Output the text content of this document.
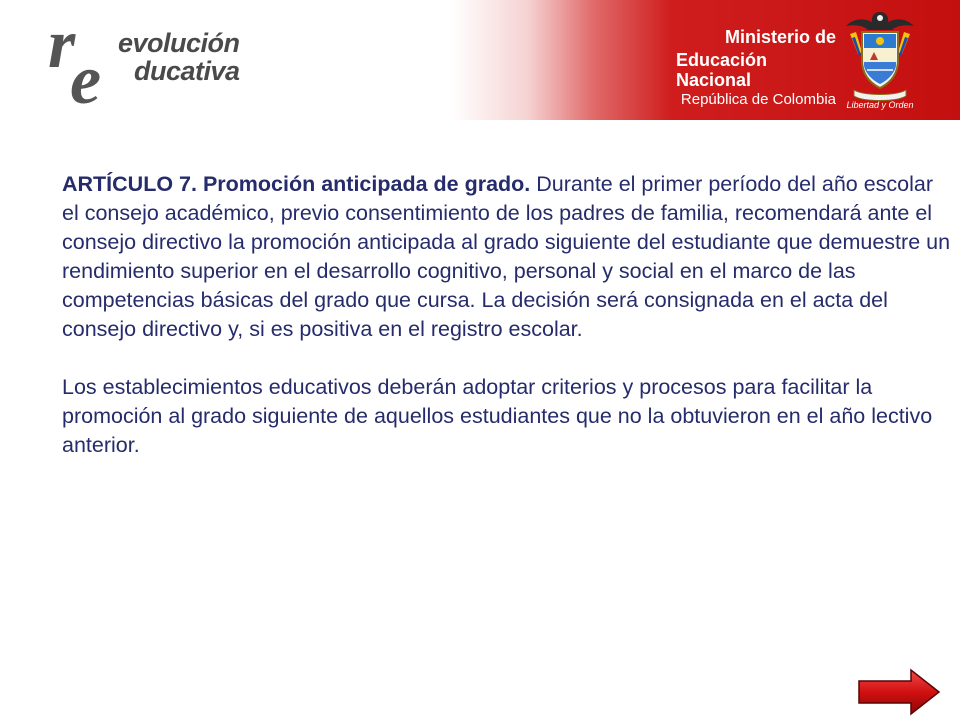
r
e evolución
ducativa
Ministerio de
Educación Nacional
República de Colombia	Libertad y Orden

ARTÍCULO 7. Promoción anticipada de grado. Durante el primer período del año escolar el consejo académico, previo consentimiento de los padres de familia, recomendará ante el consejo directivo la promoción anticipada al grado siguiente del estudiante que demuestre un rendimiento superior en el desarrollo cognitivo, personal y social en el marco de las competencias básicas del grado que cursa. La decisión será consignada en el acta del consejo directivo y, si es positiva en el registro escolar.

Los establecimientos educativos deberán adoptar criterios y procesos para facilitar la promoción al grado siguiente de aquellos estudiantes que no la obtuvieron en el año lectivo anterior.
